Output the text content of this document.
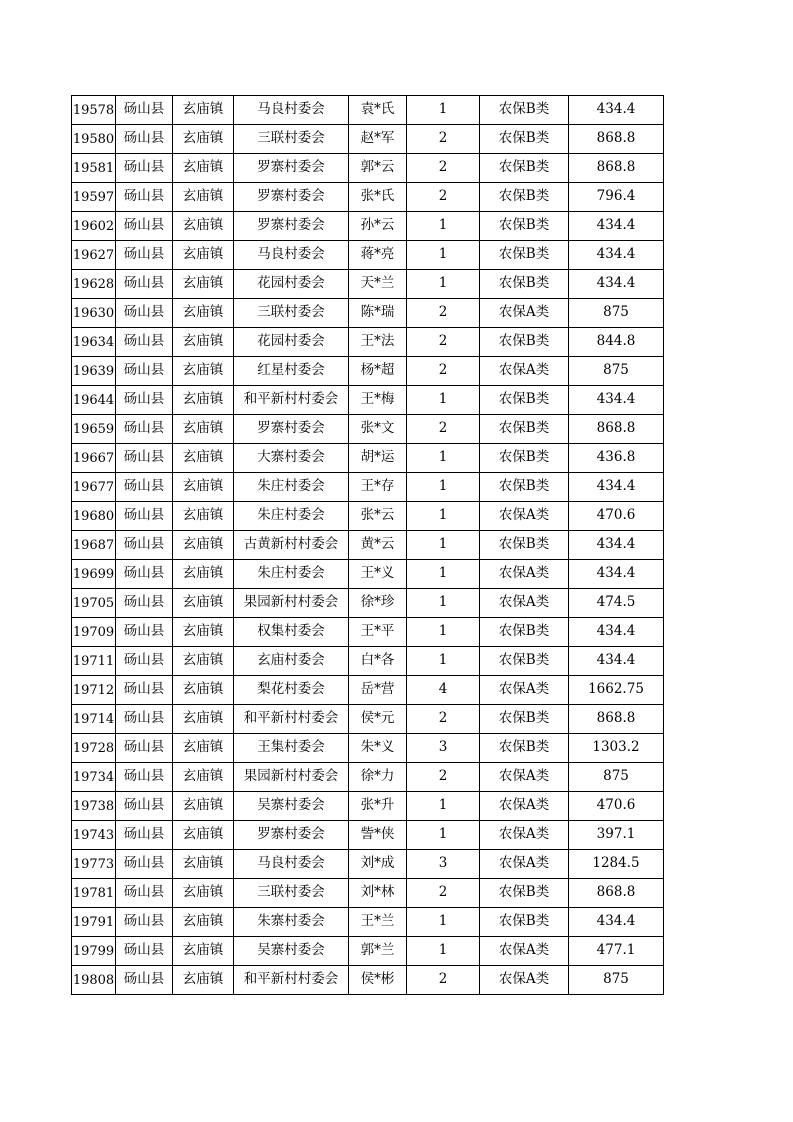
19578	砀山县	玄庙镇	马良村委会	袁*氏	1	农保B类	434.4
19580	砀山县	玄庙镇	三联村委会	赵*军	2	农保B类	868.8
19581	砀山县	玄庙镇	罗寨村委会	郭*云	2	农保B类	868.8
19597	砀山县	玄庙镇	罗寨村委会	张*氏	2	农保B类	796.4
19602	砀山县	玄庙镇	罗寨村委会	孙*云	1	农保B类	434.4
19627	砀山县	玄庙镇	马良村委会	蒋*亮	1	农保B类	434.4
19628	砀山县	玄庙镇	花园村委会	天*兰	1	农保B类	434.4
19630	砀山县	玄庙镇	三联村委会	陈*瑞	2	农保A类	875
19634	砀山县	玄庙镇	花园村委会	王*法	2	农保B类	844.8
19639	砀山县	玄庙镇	红星村委会	杨*超	2	农保A类	875
19644	砀山县	玄庙镇	和平新村村委会	王*梅	1	农保B类	434.4
19659	砀山县	玄庙镇	罗寨村委会	张*文	2	农保B类	868.8
19667	砀山县	玄庙镇	大寨村委会	胡*运	1	农保B类	436.8
19677	砀山县	玄庙镇	朱庄村委会	王*存	1	农保B类	434.4
19680	砀山县	玄庙镇	朱庄村委会	张*云	1	农保A类	470.6
19687	砀山县	玄庙镇	古黄新村村委会	黄*云	1	农保B类	434.4
19699	砀山县	玄庙镇	朱庄村委会	王*义	1	农保A类	434.4
19705	砀山县	玄庙镇	果园新村村委会	徐*珍	1	农保A类	474.5
19709	砀山县	玄庙镇	权集村委会	王*平	1	农保B类	434.4
19711	砀山县	玄庙镇	玄庙村委会	白*各	1	农保B类	434.4
19712	砀山县	玄庙镇	梨花村委会	岳*营	4	农保A类	1662.75
19714	砀山县	玄庙镇	和平新村村委会	侯*元	2	农保B类	868.8
19728	砀山县	玄庙镇	王集村委会	朱*义	3	农保B类	1303.2
19734	砀山县	玄庙镇	果园新村村委会	徐*力	2	农保A类	875
19738	砀山县	玄庙镇	吴寨村委会	张*升	1	农保A类	470.6
19743	砀山县	玄庙镇	罗寨村委会	訾*侠	1	农保A类	397.1
19773	砀山县	玄庙镇	马良村委会	刘*成	3	农保A类	1284.5
19781	砀山县	玄庙镇	三联村委会	刘*林	2	农保B类	868.8
19791	砀山县	玄庙镇	朱寨村委会	王*兰	1	农保B类	434.4
19799	砀山县	玄庙镇	吴寨村委会	郭*兰	1	农保A类	477.1
19808	砀山县	玄庙镇	和平新村村委会	侯*彬	2	农保A类	875
